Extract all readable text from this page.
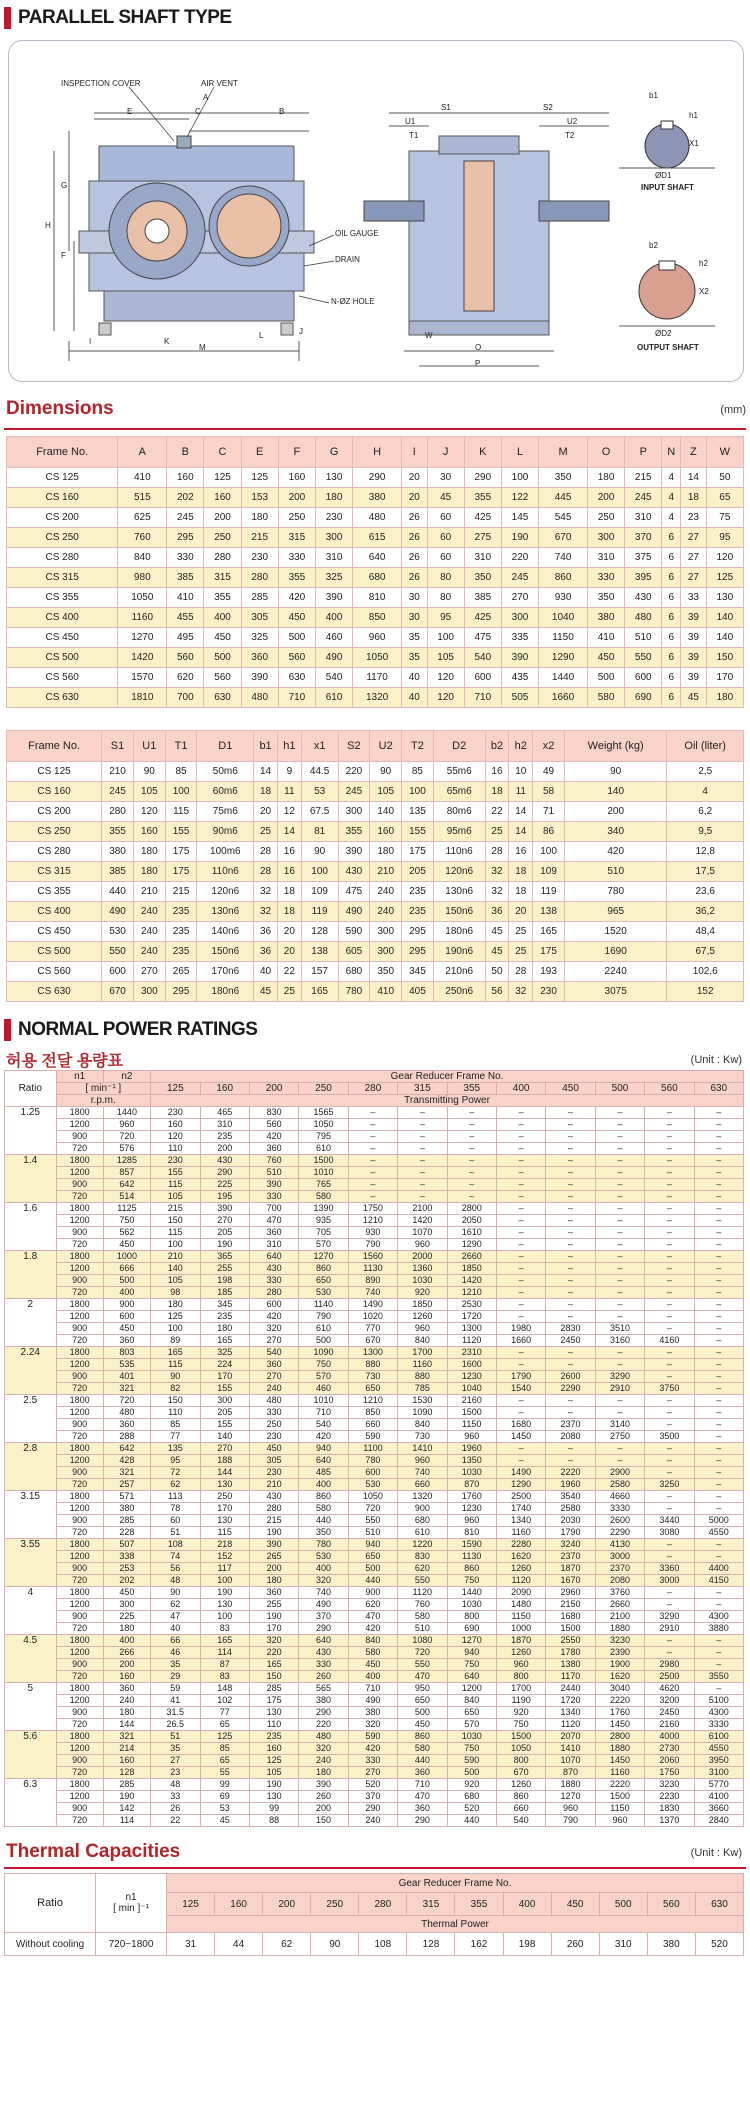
PARALLEL SHAFT TYPE
INSPECTION COVER	AIR VENT
OIL GAUGE
DRAIN
N-ØZ HOLE
INPUT SHAFT
OUTPUT SHAFT
A
B
C
E
F
G
H
I
J
K
L
M
S1	S2
U1	U2
T1	T2
W
O
P
b1
h1
X1
ØD1
b2
h2
X2
ØD2
Dimensions	(mm)
Frame No.	A	B	C	E	F	G	H	I	J	K	L	M	O	P	N	Z	W
CS 125	410	160	125	125	160	130	290	20	30	290	100	350	180	215	4	14	50
CS 160	515	202	160	153	200	180	380	20	45	355	122	445	200	245	4	18	65
CS 200	625	245	200	180	250	230	480	26	60	425	145	545	250	310	4	23	75
CS 250	760	295	250	215	315	300	615	26	60	275	190	670	300	370	6	27	95
CS 280	840	330	280	230	330	310	640	26	60	310	220	740	310	375	6	27	120
CS 315	980	385	315	280	355	325	680	26	80	350	245	860	330	395	6	27	125
CS 355	1050	410	355	285	420	390	810	30	80	385	270	930	350	430	6	33	130
CS 400	1160	455	400	305	450	400	850	30	95	425	300	1040	380	480	6	39	140
CS 450	1270	495	450	325	500	460	960	35	100	475	335	1150	410	510	6	39	140
CS 500	1420	560	500	360	560	490	1050	35	105	540	390	1290	450	550	6	39	150
CS 560	1570	620	560	390	630	540	1170	40	120	600	435	1440	500	600	6	39	170
CS 630	1810	700	630	480	710	610	1320	40	120	710	505	1660	580	690	6	45	180
Frame No.	S1	U1	T1	D1	b1	h1	x1	S2	U2	T2	D2	b2	h2	x2	Weight (kg)	Oil (liter)
CS 125	210	90	85	50m6	14	9	44.5	220	90	85	55m6	16	10	49	90	2,5
CS 160	245	105	100	60m6	18	11	53	245	105	100	65m6	18	11	58	140	4
CS 200	280	120	115	75m6	20	12	67.5	300	140	135	80m6	22	14	71	200	6,2
CS 250	355	160	155	90m6	25	14	81	355	160	155	95m6	25	14	86	340	9,5
CS 280	380	180	175	100m6	28	16	90	390	180	175	110n6	28	16	100	420	12,8
CS 315	385	180	175	110n6	28	16	100	430	210	205	120n6	32	18	109	510	17,5
CS 355	440	210	215	120n6	32	18	109	475	240	235	130n6	32	18	119	780	23,6
CS 400	490	240	235	130n6	32	18	119	490	240	235	150n6	36	20	138	965	36,2
CS 450	530	240	235	140n6	36	20	128	590	300	295	180n6	45	25	165	1520	48,4
CS 500	550	240	235	150n6	36	20	138	605	300	295	190n6	45	25	175	1690	67,5
CS 560	600	270	265	170n6	40	22	157	680	350	345	210n6	50	28	193	2240	102,6
CS 630	670	300	295	180n6	45	25	165	780	410	405	250n6	56	32	230	3075	152
NORMAL POWER RATINGS
허용 전달 용량표	(Unit : Kw)
Ratio	n1	n2	Gear Reducer Frame No.											
	[ min⁻¹ ]		125	160	200	250	280	315	355	400	450	500	560	630
	r.p.m.		Transmitting Power											
1.25	1800	1440	230	465	830	1565	–	–	–	–	–	–	–	–
	1200	960	160	310	560	1050	–	–	–	–	–	–	–	–
	900	720	120	235	420	795	–	–	–	–	–	–	–	–
	720	576	110	200	360	610	–	–	–	–	–	–	–	–
1.4	1800	1285	230	430	760	1500	–	–	–	–	–	–	–	–
	1200	857	155	290	510	1010	–	–	–	–	–	–	–	–
	900	642	115	225	390	765	–	–	–	–	–	–	–	–
	720	514	105	195	330	580	–	–	–	–	–	–	–	–
1.6	1800	1125	215	390	700	1390	1750	2100	2800	–	–	–	–	–
	1200	750	150	270	470	935	1210	1420	2050	–	–	–	–	–
	900	562	115	205	360	705	930	1070	1610	–	–	–	–	–
	720	450	100	190	310	570	790	960	1290	–	–	–	–	–
1.8	1800	1000	210	365	640	1270	1560	2000	2660	–	–	–	–	–
	1200	666	140	255	430	860	1130	1360	1850	–	–	–	–	–
	900	500	105	198	330	650	890	1030	1420	–	–	–	–	–
	720	400	98	185	280	530	740	920	1210	–	–	–	–	–
2	1800	900	180	345	600	1140	1490	1850	2530	–	–	–	–	–
	1200	600	125	235	420	790	1020	1260	1720	–	–	–	–	–
	900	450	100	180	320	610	770	960	1300	1980	2830	3510	–	–
	720	360	89	165	270	500	670	840	1120	1660	2450	3160	4160	–
2.24	1800	803	165	325	540	1090	1300	1700	2310	–	–	–	–	–
	1200	535	115	224	360	750	880	1160	1600	–	–	–	–	–
	900	401	90	170	270	570	730	880	1230	1790	2600	3290	–	–
	720	321	82	155	240	460	650	785	1040	1540	2290	2910	3750	–
2.5	1800	720	150	300	480	1010	1210	1530	2160	–	–	–	–	–
	1200	480	110	205	330	710	850	1090	1500	–	–	–	–	–
	900	360	85	155	250	540	660	840	1150	1680	2370	3140	–	–
	720	288	77	140	230	420	590	730	960	1450	2080	2750	3500	–
2.8	1800	642	135	270	450	940	1100	1410	1960	–	–	–	–	–
	1200	428	95	188	305	640	780	960	1350	–	–	–	–	–
	900	321	72	144	230	485	600	740	1030	1490	2220	2900	–	–
	720	257	62	130	210	400	530	660	870	1290	1960	2580	3250	–
3.15	1800	571	113	250	430	860	1050	1320	1760	2500	3540	4660	–	–
	1200	380	78	170	280	580	720	900	1230	1740	2580	3330	–	–
	900	285	60	130	215	440	550	680	960	1340	2030	2600	3440	5000
	720	228	51	115	190	350	510	610	810	1160	1790	2290	3080	4550
3.55	1800	507	108	218	390	780	940	1220	1590	2280	3240	4130	–	–
	1200	338	74	152	265	530	650	830	1130	1620	2370	3000	–	–
	900	253	56	117	200	400	500	620	860	1260	1870	2370	3360	4400
	720	202	48	100	180	320	440	550	750	1120	1670	2080	3000	4150
4	1800	450	90	190	360	740	900	1120	1440	2090	2960	3760	–	–
	1200	300	62	130	255	490	620	760	1030	1480	2150	2660	–	–
	900	225	47	100	190	370	470	580	800	1150	1680	2100	3290	4300
	720	180	40	83	170	290	420	510	690	1000	1500	1880	2910	3880
4.5	1800	400	66	165	320	640	840	1080	1270	1870	2550	3230	–	–
	1200	266	46	114	220	430	580	720	940	1260	1780	2390	–	–
	900	200	35	87	165	330	450	550	750	960	1380	1900	2980	–
	720	160	29	83	150	260	400	470	640	800	1170	1620	2500	3550
5	1800	360	59	148	285	565	710	950	1200	1700	2440	3040	4620	–
	1200	240	41	102	175	380	490	650	840	1190	1720	2220	3200	5100
	900	180	31.5	77	130	290	380	500	650	920	1340	1760	2450	4300
	720	144	26.5	65	110	220	320	450	570	750	1120	1450	2160	3330
5.6	1800	321	51	125	235	480	590	860	1030	1500	2070	2800	4000	6100
	1200	214	35	85	160	320	420	580	750	1050	1410	1880	2730	4550
	900	160	27	65	125	240	330	440	590	800	1070	1450	2060	3950
	720	128	23	55	105	180	270	360	500	670	870	1160	1750	3100
6.3	1800	285	48	99	190	390	520	710	920	1260	1880	2220	3230	5770
	1200	190	33	69	130	260	370	470	680	860	1270	1500	2230	4100
	900	142	26	53	99	200	290	360	520	660	960	1150	1830	3660
	720	114	22	45	88	150	240	290	440	540	790	960	1370	2840
Thermal Capacities	(Unit : Kw)
Ratio	n1
[ min ]⁻¹	Gear Reducer Frame No.											
		125	160	200	250	280	315	355	400	450	500	560	630
		Thermal Power											
Without cooling	720~1800	31	44	62	90	108	128	162	198	260	310	380	520
